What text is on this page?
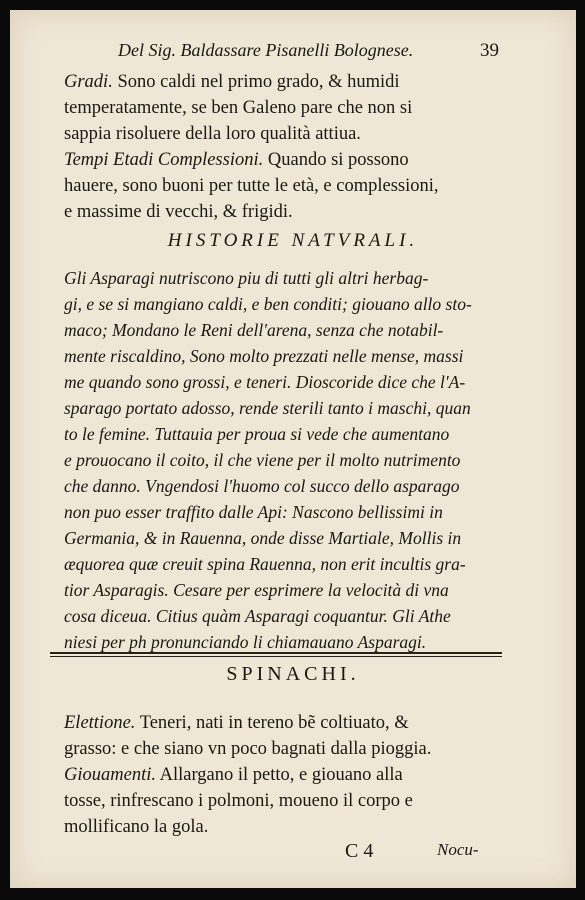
Del Sig. Baldassare Pisanelli Bolognese.	39
Gradi. Sono caldi nel primo grado, & humidi
temperatamente, se ben Galeno pare che non si
sappia risoluere della loro qualità attiua.
Tempi Etadi Complessioni. Quando si possono
hauere, sono buoni per tutte le età, e complessioni,
e massime di vecchi, & frigidi.
HISTORIE NATVRALI.
Gli Asparagi nutriscono piu di tutti gli altri herbag-
gi, e se si mangiano caldi, e ben conditi; giouano allo sto-
maco; Mondano le Reni dell'arena, senza che notabil-
mente riscaldino, Sono molto prezzati nelle mense, massi
me quando sono grossi, e teneri. Dioscoride dice che l'A-
sparago portato adosso, rende sterili tanto i maschi, quan
to le femine. Tuttauia per proua si vede che aumentano
e prouocano il coito, il che viene per il molto nutrimento
che danno. Vngendosi l'huomo col succo dello asparago
non puo esser traffito dalle Api: Nascono bellissimi in
Germania, & in Rauenna, onde disse Martiale, Mollis in
æquorea quæ creuit spina Rauenna, non erit incultis gra-
tior Asparagis. Cesare per esprimere la velocità di vna
cosa diceua. Citius quàm Asparagi coquantur. Gli Athe
niesi per ph pronunciando li chiamauano Asparagi.
SPINACHI.
Elettione. Teneri, nati in tereno bẽ coltiuato, &
grasso: e che siano vn poco bagnati dalla pioggia.
Giouamenti. Allargano il petto, e giouano alla
tosse, rinfrescano i polmoni, moueno il corpo e
mollificano la gola.
C 4	Nocu-
